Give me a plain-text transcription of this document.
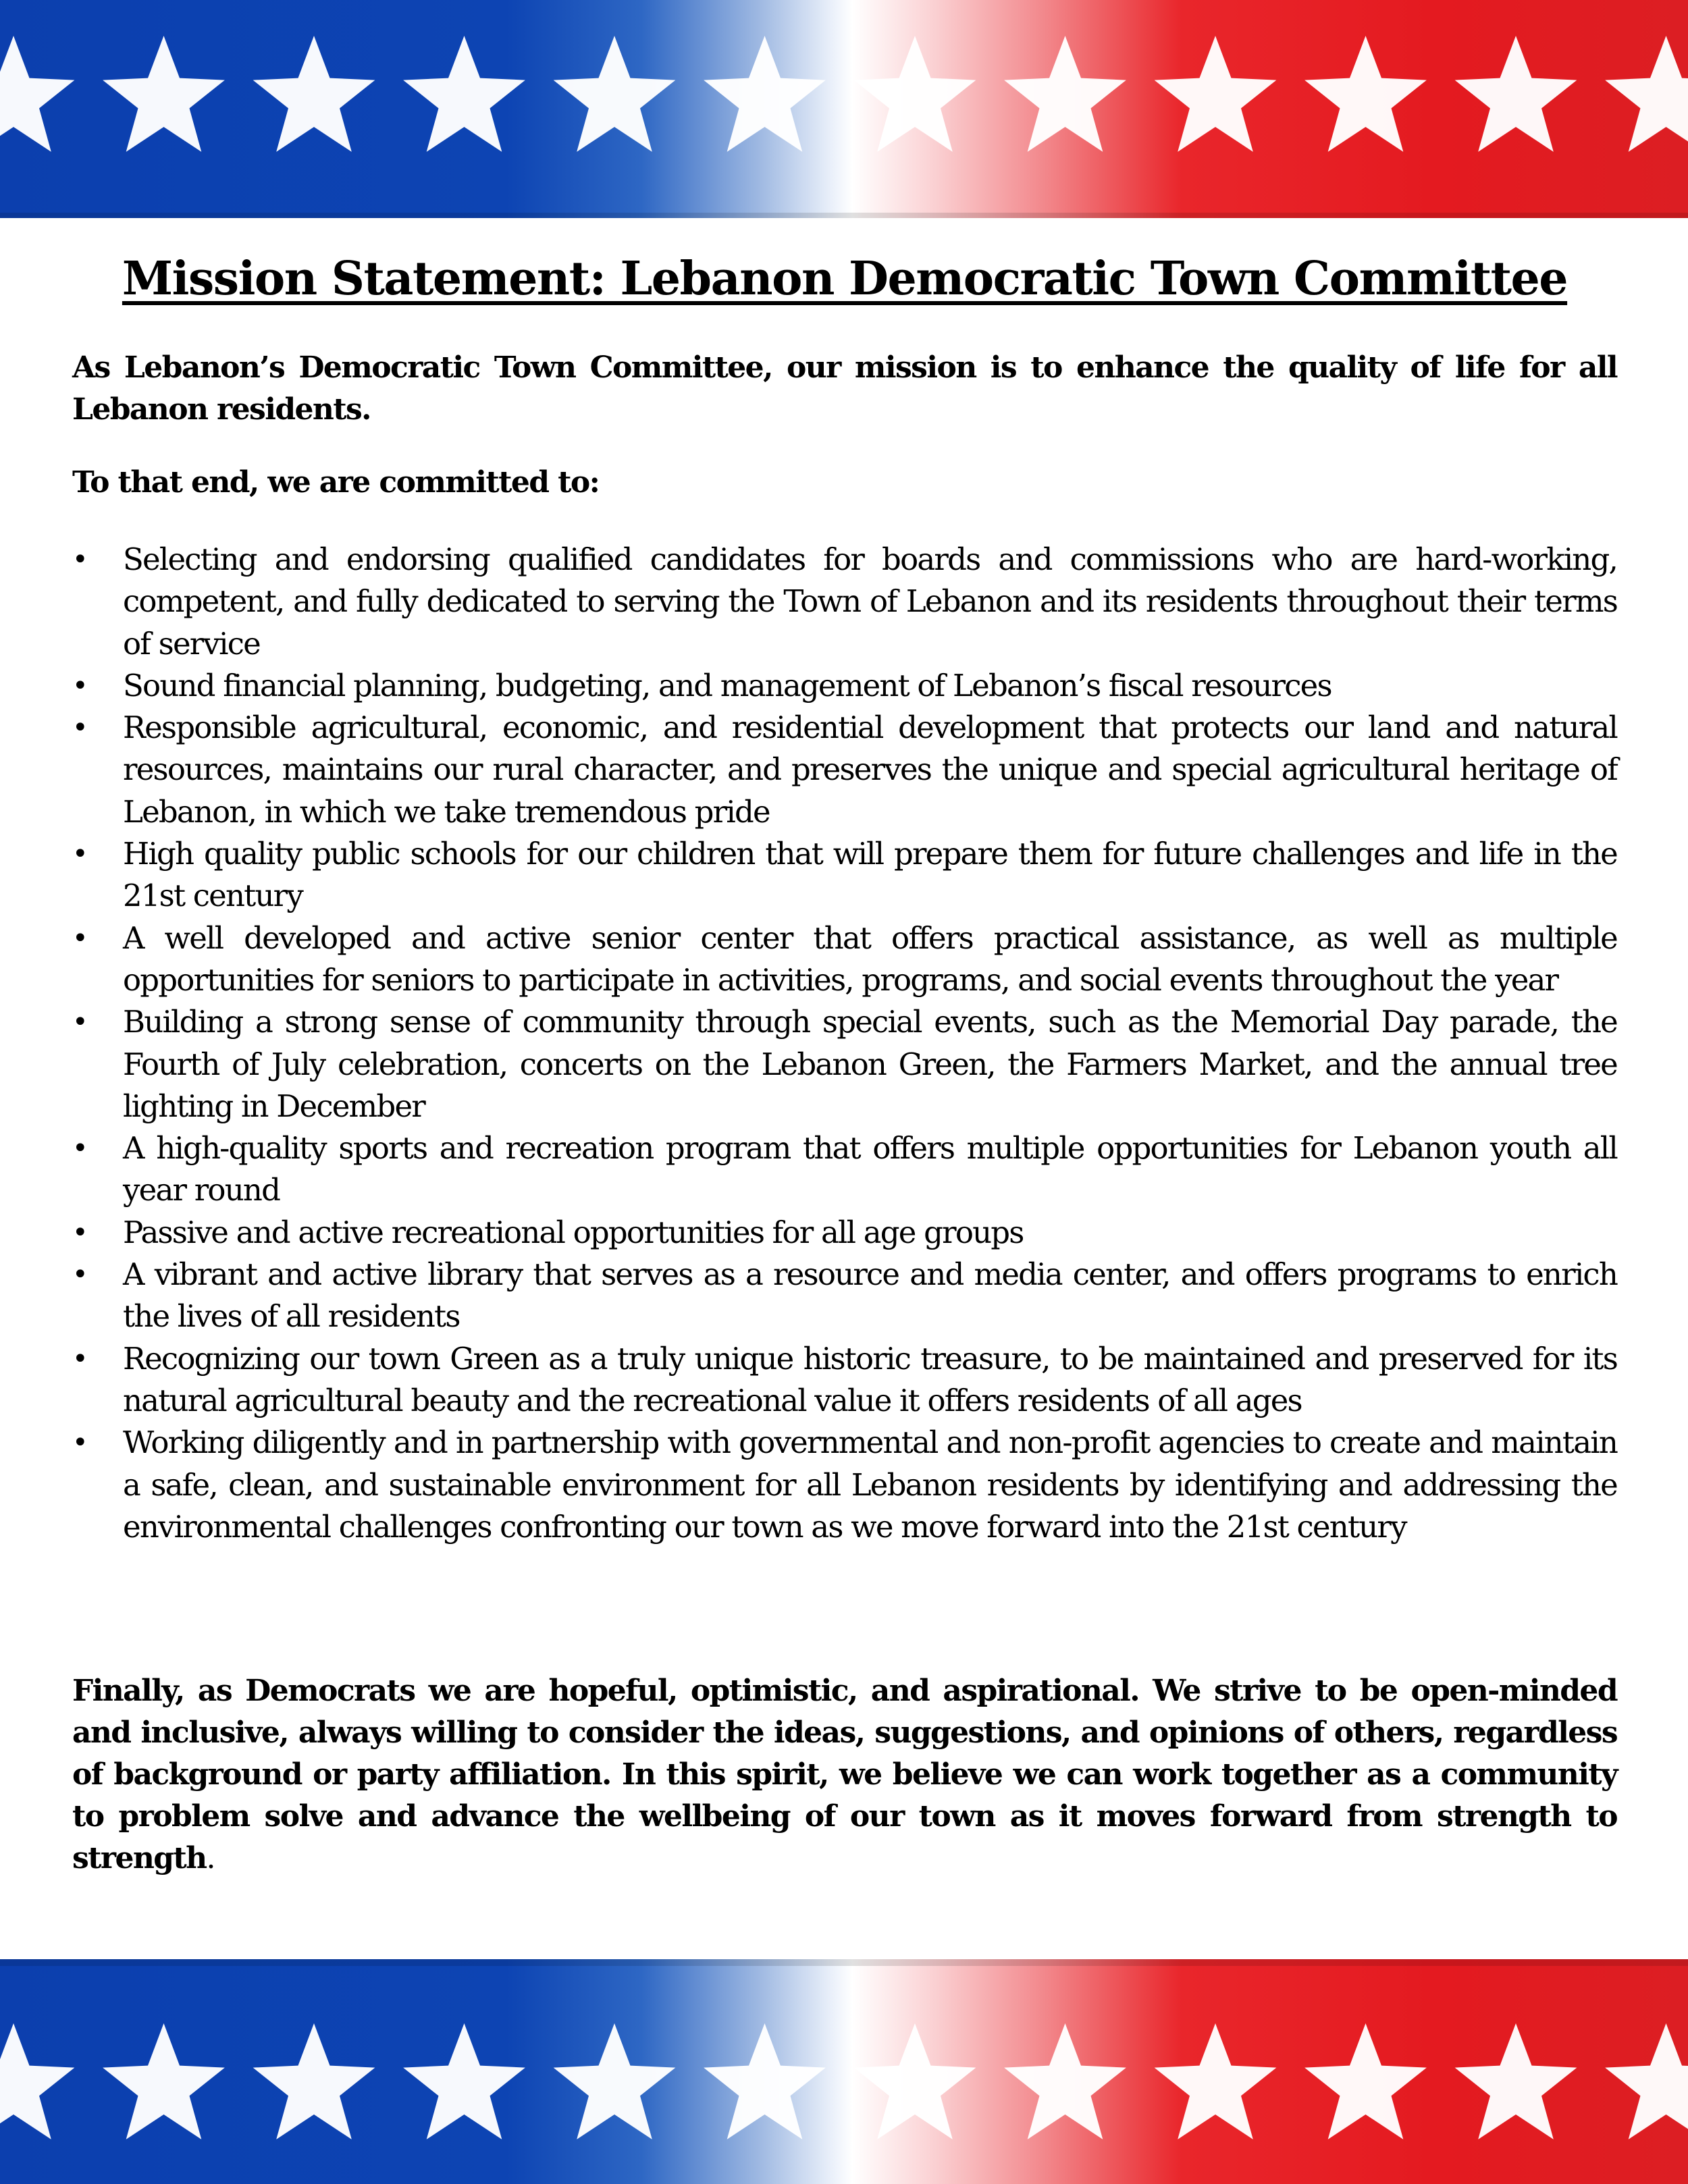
Mission Statement: Lebanon Democratic Town Committee
As Lebanon’s Democratic Town Committee, our mission is to enhance the quality of life for all Lebanon residents.
To that end, we are committed to:
• Selecting and endorsing qualified candidates for boards and commissions who are hard-working, competent, and fully dedicated to serving the Town of Lebanon and its residents throughout their terms of service
• Sound financial planning, budgeting, and management of Lebanon’s fiscal resources
• Responsible agricultural, economic, and residential development that protects our land and natural resources, maintains our rural character, and preserves the unique and special agricultural heritage of Lebanon, in which we take tremendous pride
• High quality public schools for our children that will prepare them for future challenges and life in the 21st century
• A well developed and active senior center that offers practical assistance, as well as multiple opportunities for seniors to participate in activities, programs, and social events throughout the year
• Building a strong sense of community through special events, such as the Memorial Day parade, the Fourth of July celebration, concerts on the Lebanon Green, the Farmers Market, and the annual tree lighting in December
• A high-quality sports and recreation program that offers multiple opportunities for Lebanon youth all year round
• Passive and active recreational opportunities for all age groups
• A vibrant and active library that serves as a resource and media center, and offers programs to enrich the lives of all residents
• Recognizing our town Green as a truly unique historic treasure, to be maintained and preserved for its natural agricultural beauty and the recreational value it offers residents of all ages
• Working diligently and in partnership with governmental and non-profit agencies to create and maintain a safe, clean, and sustainable environment for all Lebanon residents by identifying and addressing the environmental challenges confronting our town as we move forward into the 21st century
Finally, as Democrats we are hopeful, optimistic, and aspirational. We strive to be open-minded and inclusive, always willing to consider the ideas, suggestions, and opinions of others, regardless of background or party affiliation. In this spirit, we believe we can work together as a community to problem solve and advance the wellbeing of our town as it moves forward from strength to strength.
